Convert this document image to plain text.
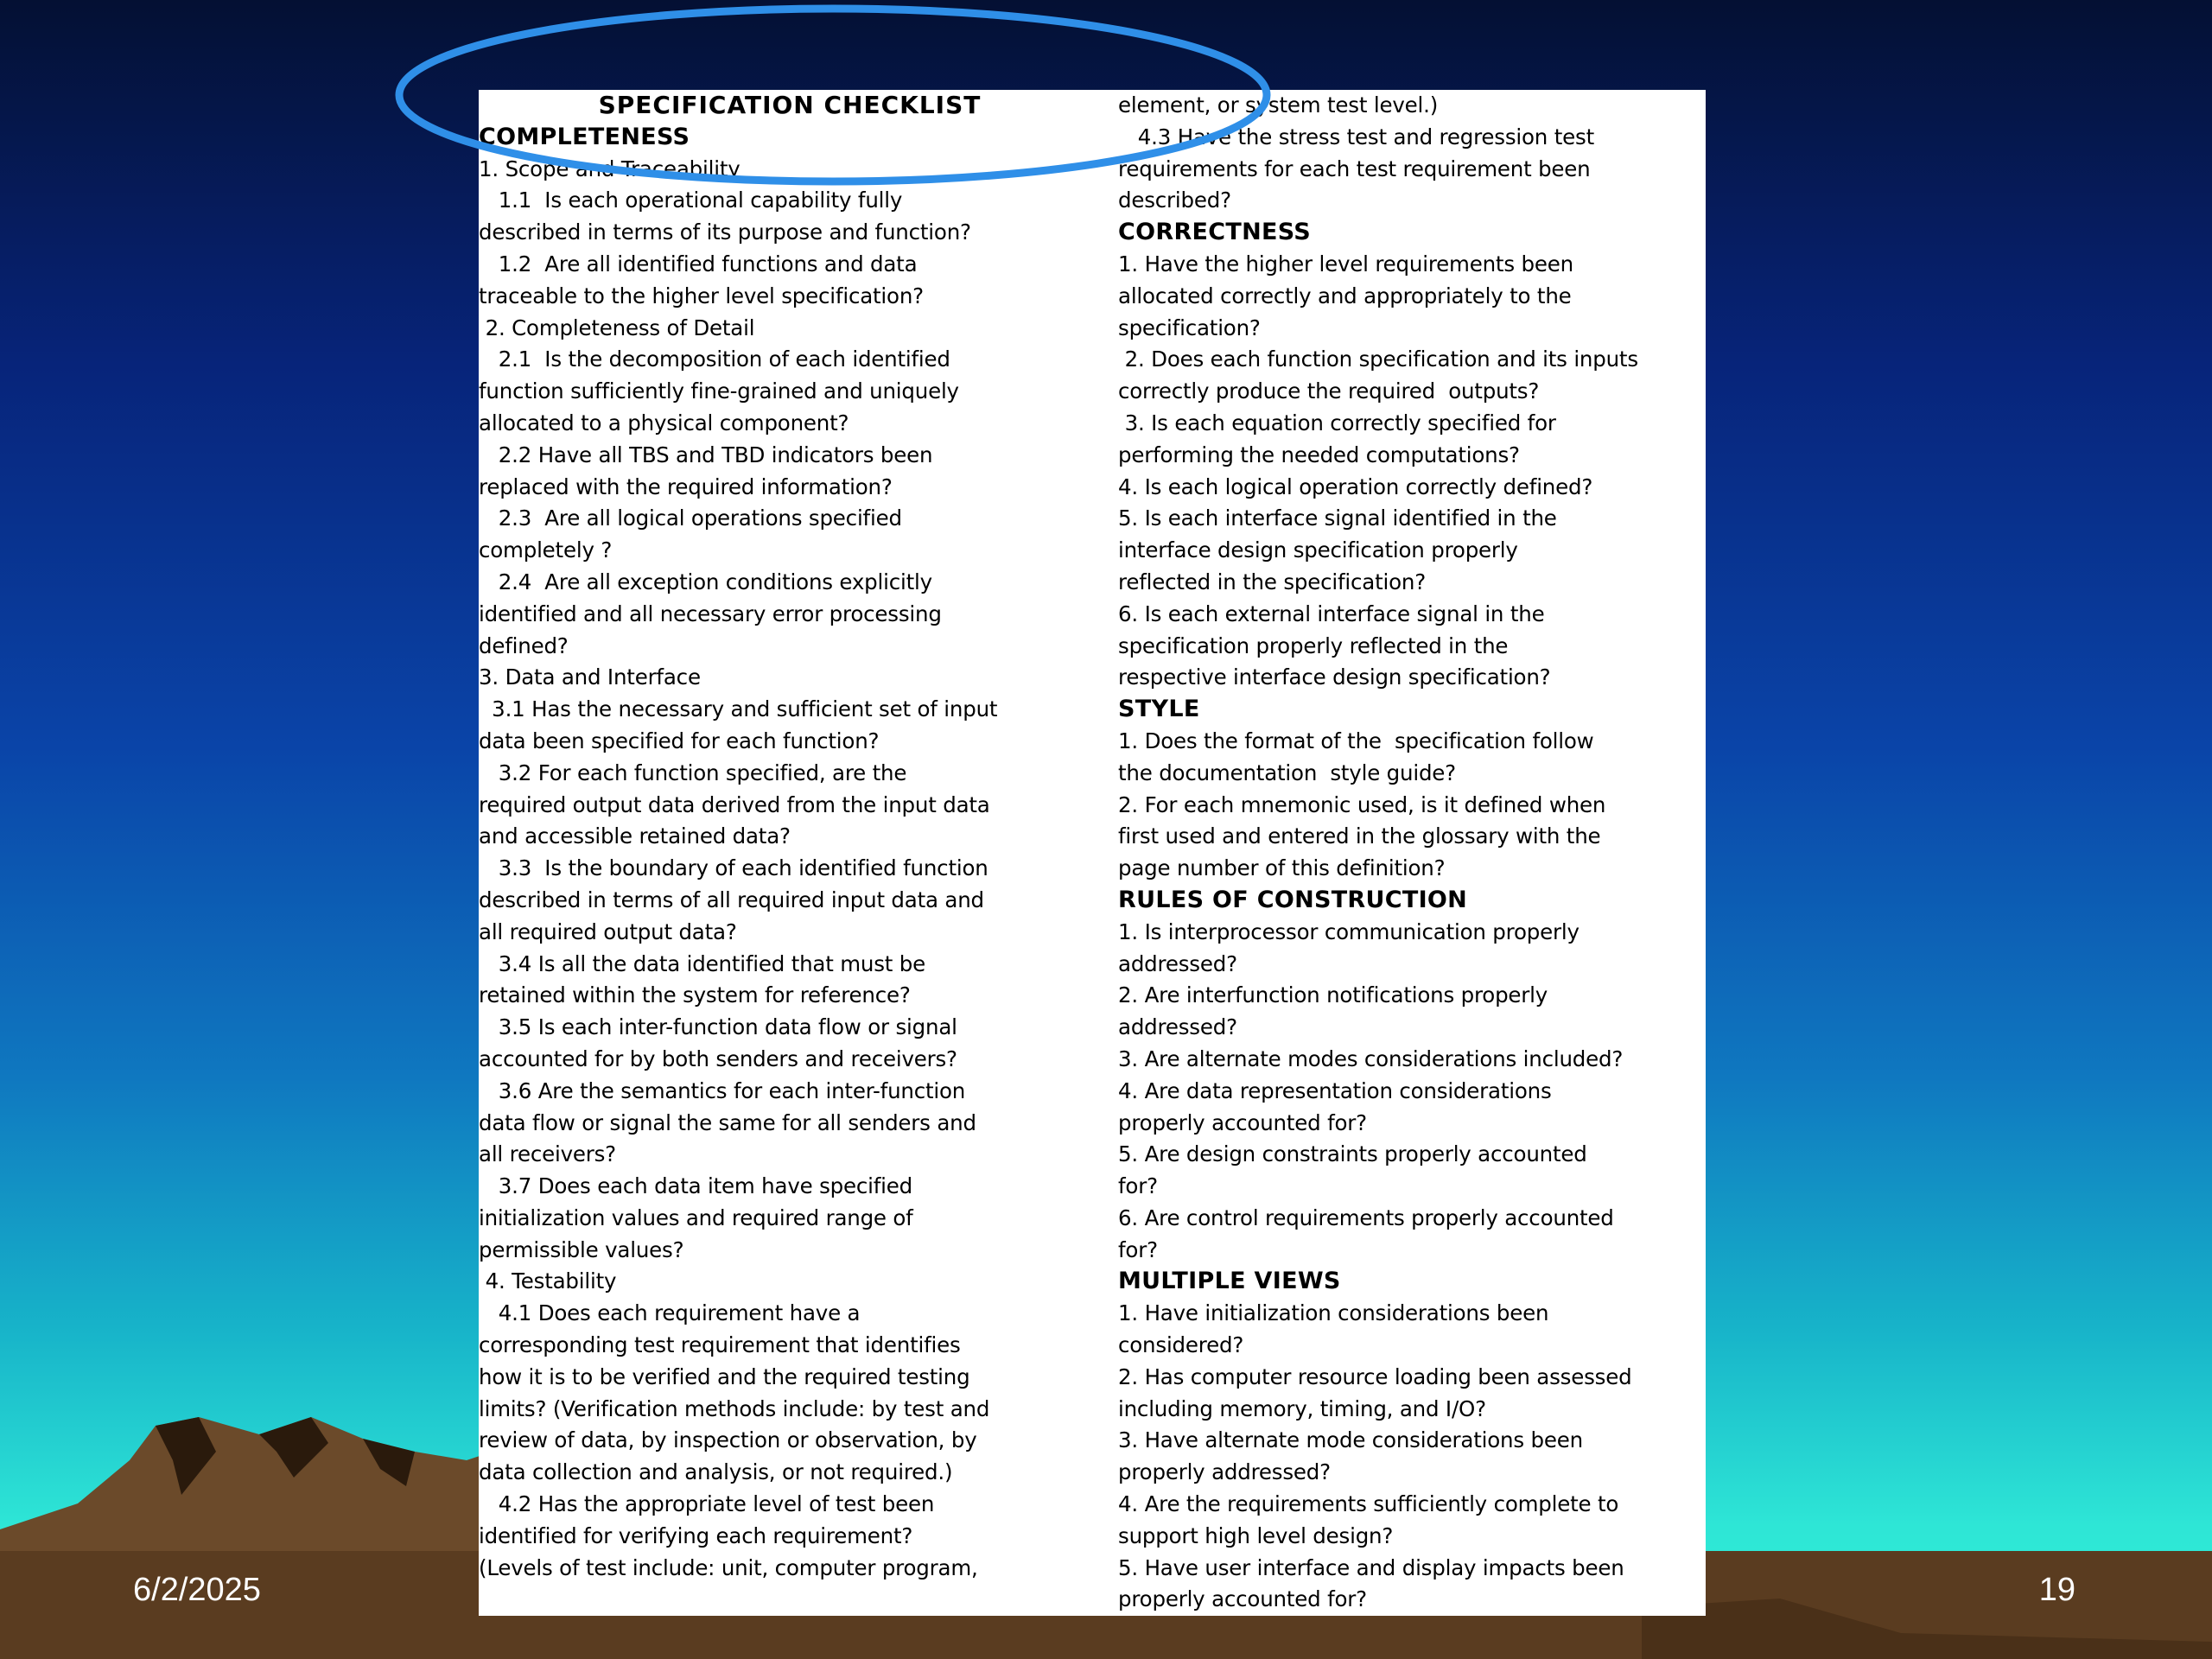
SPECIFICATION CHECKLIST
COMPLETENESS
1. Scope and Traceability
1.1  Is each operational capability fully
described in terms of its purpose and function?
1.2  Are all identified functions and data
traceable to the higher level specification?
2. Completeness of Detail
2.1  Is the decomposition of each identified
function sufficiently fine-grained and uniquely
allocated to a physical component?
2.2 Have all TBS and TBD indicators been
replaced with the required information?
2.3  Are all logical operations specified
completely ?
2.4  Are all exception conditions explicitly
identified and all necessary error processing
defined?
3. Data and Interface
3.1 Has the necessary and sufficient set of input
data been specified for each function?
3.2 For each function specified, are the
required output data derived from the input data
and accessible retained data?
3.3  Is the boundary of each identified function
described in terms of all required input data and
all required output data?
3.4 Is all the data identified that must be
retained within the system for reference?
3.5 Is each inter-function data flow or signal
accounted for by both senders and receivers?
3.6 Are the semantics for each inter-function
data flow or signal the same for all senders and
all receivers?
3.7 Does each data item have specified
initialization values and required range of
permissible values?
4. Testability
4.1 Does each requirement have a
corresponding test requirement that identifies
how it is to be verified and the required testing
limits? (Verification methods include: by test and
review of data, by inspection or observation, by
data collection and analysis, or not required.)
4.2 Has the appropriate level of test been
identified for verifying each requirement?
(Levels of test include: unit, computer program,
element, or system test level.)
4.3 Have the stress test and regression test
requirements for each test requirement been
described?
CORRECTNESS
1. Have the higher level requirements been
allocated correctly and appropriately to the
specification?
2. Does each function specification and its inputs
correctly produce the required  outputs?
3. Is each equation correctly specified for
performing the needed computations?
4. Is each logical operation correctly defined?
5. Is each interface signal identified in the
interface design specification properly
reflected in the specification?
6. Is each external interface signal in the
specification properly reflected in the
respective interface design specification?
STYLE
1. Does the format of the  specification follow
the documentation  style guide?
2. For each mnemonic used, is it defined when
first used and entered in the glossary with the
page number of this definition?
RULES OF CONSTRUCTION
1. Is interprocessor communication properly
addressed?
2. Are interfunction notifications properly
addressed?
3. Are alternate modes considerations included?
4. Are data representation considerations
properly accounted for?
5. Are design constraints properly accounted
for?
6. Are control requirements properly accounted
for?
MULTIPLE VIEWS
1. Have initialization considerations been
considered?
2. Has computer resource loading been assessed
including memory, timing, and I/O?
3. Have alternate mode considerations been
properly addressed?
4. Are the requirements sufficiently complete to
support high level design?
5. Have user interface and display impacts been
properly accounted for?
6/2/2025	19
